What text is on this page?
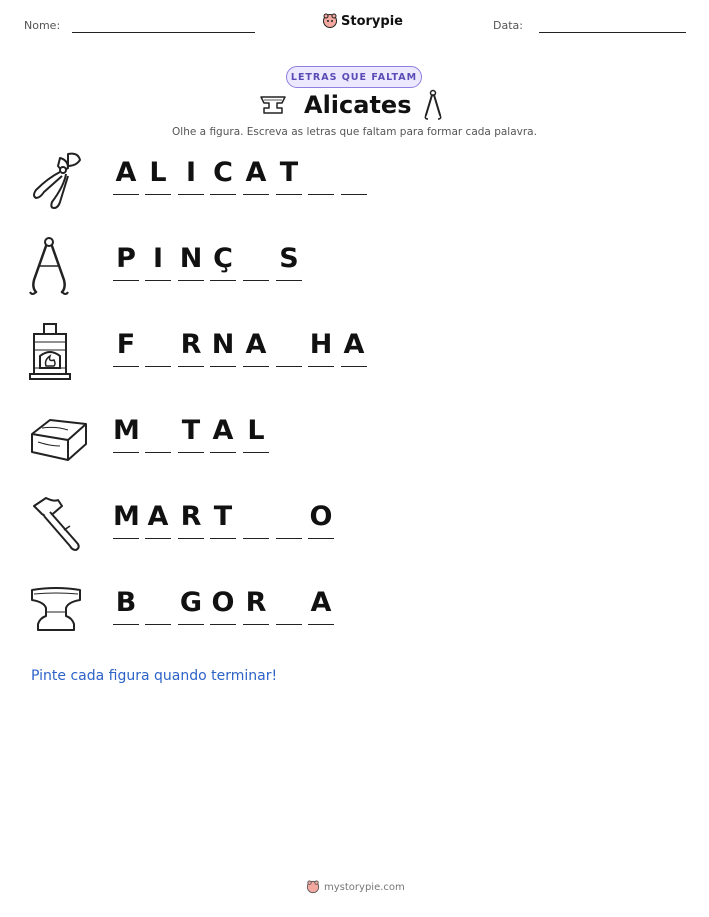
Nome:	Storypie	Data:
LETRAS QUE FALTAM
Alicates
Olhe a figura. Escreva as letras que faltam para formar cada palavra.
A L I C A T
P I N Ç S
F R N A H A
M T A L
M A R T	O
B G O R A
Pinte cada figura quando terminar!
mystorypie.com
